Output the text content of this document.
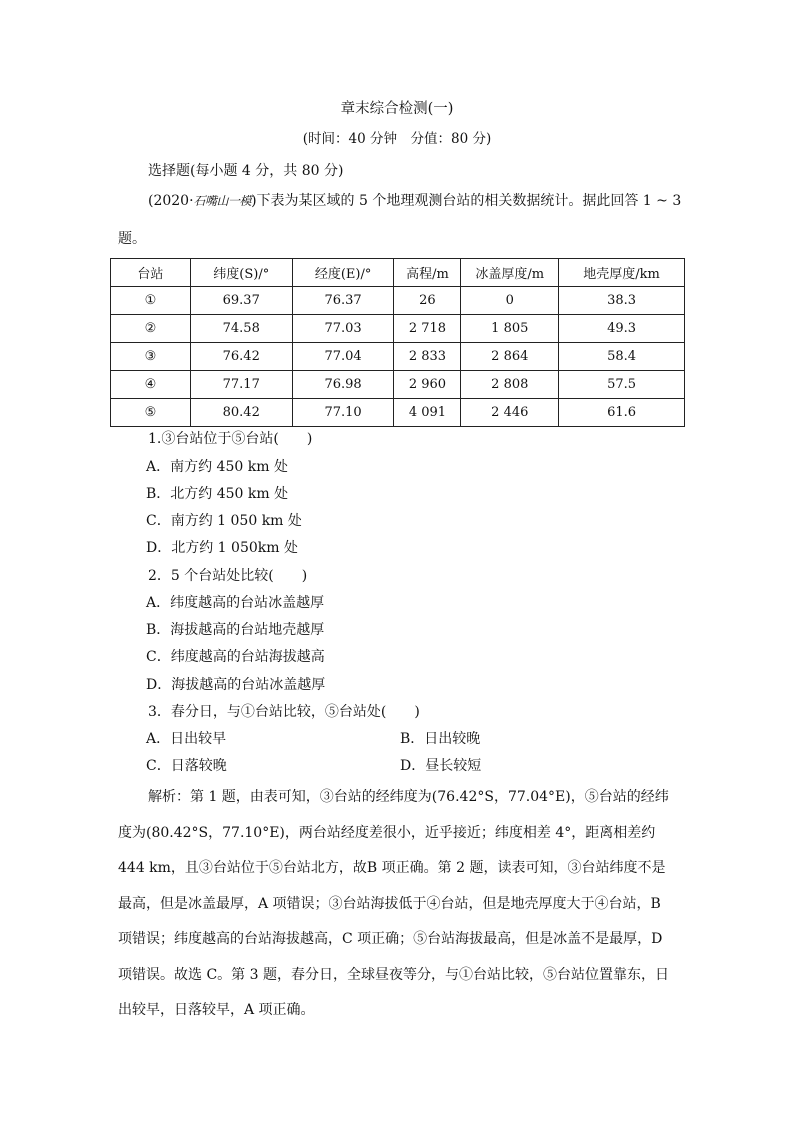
章末综合检测(一)
(时间：40 分钟　分值：80 分)
选择题(每小题 4 分，共 80 分)
(2020·石嘴山一模)下表为某区域的 5 个地理观测台站的相关数据统计。据此回答 1 ~ 3
题。
台站	纬度(S)/°	经度(E)/°	高程/m	冰盖厚度/m	地壳厚度/km
①	69.37	76.37	26	0	38.3
②	74.58	77.03	2 718	1 805	49.3
③	76.42	77.04	2 833	2 864	58.4
④	77.17	76.98	2 960	2 808	57.5
⑤	80.42	77.10	4 091	2 446	61.6
1.③台站位于⑤台站(　　)
A．南方约 450 km 处
B．北方约 450 km 处
C．南方约 1 050 km 处
D．北方约 1 050km 处
2．5 个台站处比较(　　)
A．纬度越高的台站冰盖越厚
B．海拔越高的台站地壳越厚
C．纬度越高的台站海拔越高
D．海拔越高的台站冰盖越厚
3．春分日，与①台站比较，⑤台站处(　　)
A．日出较早	B．日出较晚
C．日落较晚	D．昼长较短
解析：第 1 题，由表可知，③台站的经纬度为(76.42°S，77.04°E)，⑤台站的经纬度为(80.42°S，77.10°E)，两台站经度差很小，近乎接近；纬度相差 4°，距离相差约 444 km，且③台站位于⑤台站北方，故B 项正确。第 2 题，读表可知，③台站纬度不是最高，但是冰盖最厚，A 项错误；③台站海拔低于④台站，但是地壳厚度大于④台站，B 项错误；纬度越高的台站海拔越高，C 项正确；⑤台站海拔最高，但是冰盖不是最厚，D 项错误。故选 C。第 3 题，春分日，全球昼夜等分，与①台站比较，⑤台站位置靠东，日出较早，日落较早，A 项正确。
